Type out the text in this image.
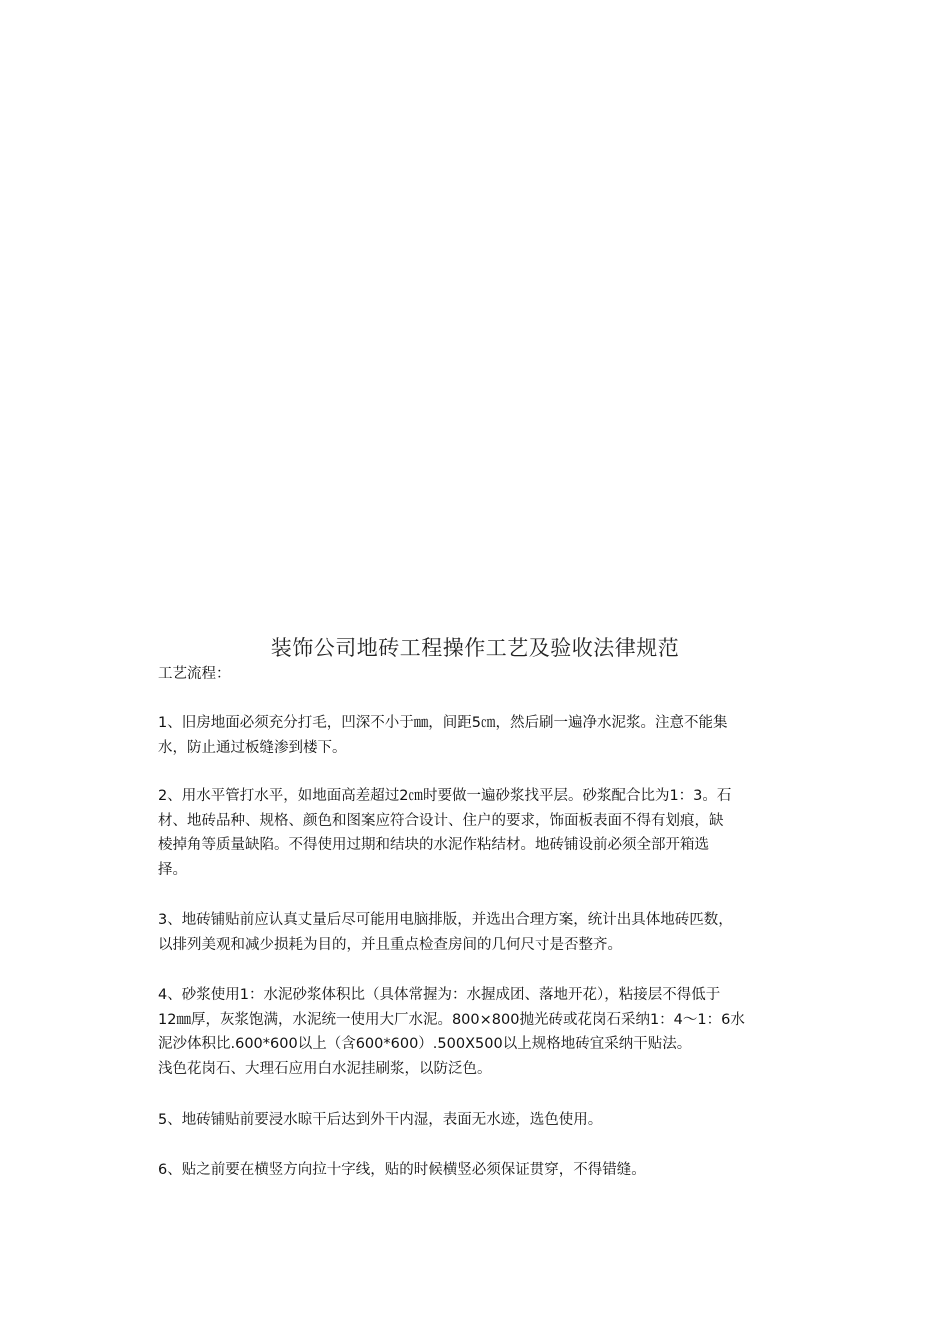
装饰公司地砖工程操作工艺及验收法律规范
工艺流程：

1、旧房地面必须充分打毛，凹深不小于㎜，间距5㎝，然后刷一遍净水泥浆。注意不能集

水，防止通过板缝渗到楼下。

2、用水平管打水平，如地面高差超过2㎝时要做一遍砂浆找平层。砂浆配合比为1：3。石

材、地砖品种、规格、颜色和图案应符合设计、住户的要求，饰面板表面不得有划痕，缺

棱掉角等质量缺陷。不得使用过期和结块的水泥作粘结材。地砖铺设前必须全部开箱选

择。

3、地砖铺贴前应认真丈量后尽可能用电脑排版，并选出合理方案，统计出具体地砖匹数，

以排列美观和减少损耗为目的，并且重点检查房间的几何尺寸是否整齐。

4、砂浆使用1：水泥砂浆体积比（具体常握为：水握成团、落地开花），粘接层不得低于

12㎜厚，灰浆饱满，水泥统一使用大厂水泥。800×800抛光砖或花岗石采纳1：4〜1：6水

泥沙体积比.600*600以上（含600*600）.500X500以上规格地砖宜采纳干贴法。

浅色花岗石、大理石应用白水泥挂刷浆，以防泛色。

5、地砖铺贴前要浸水晾干后达到外干内湿，表面无水迹，选色使用。

6、贴之前要在横竖方向拉十字线，贴的时候横竖必须保证贯穿，不得错缝。
